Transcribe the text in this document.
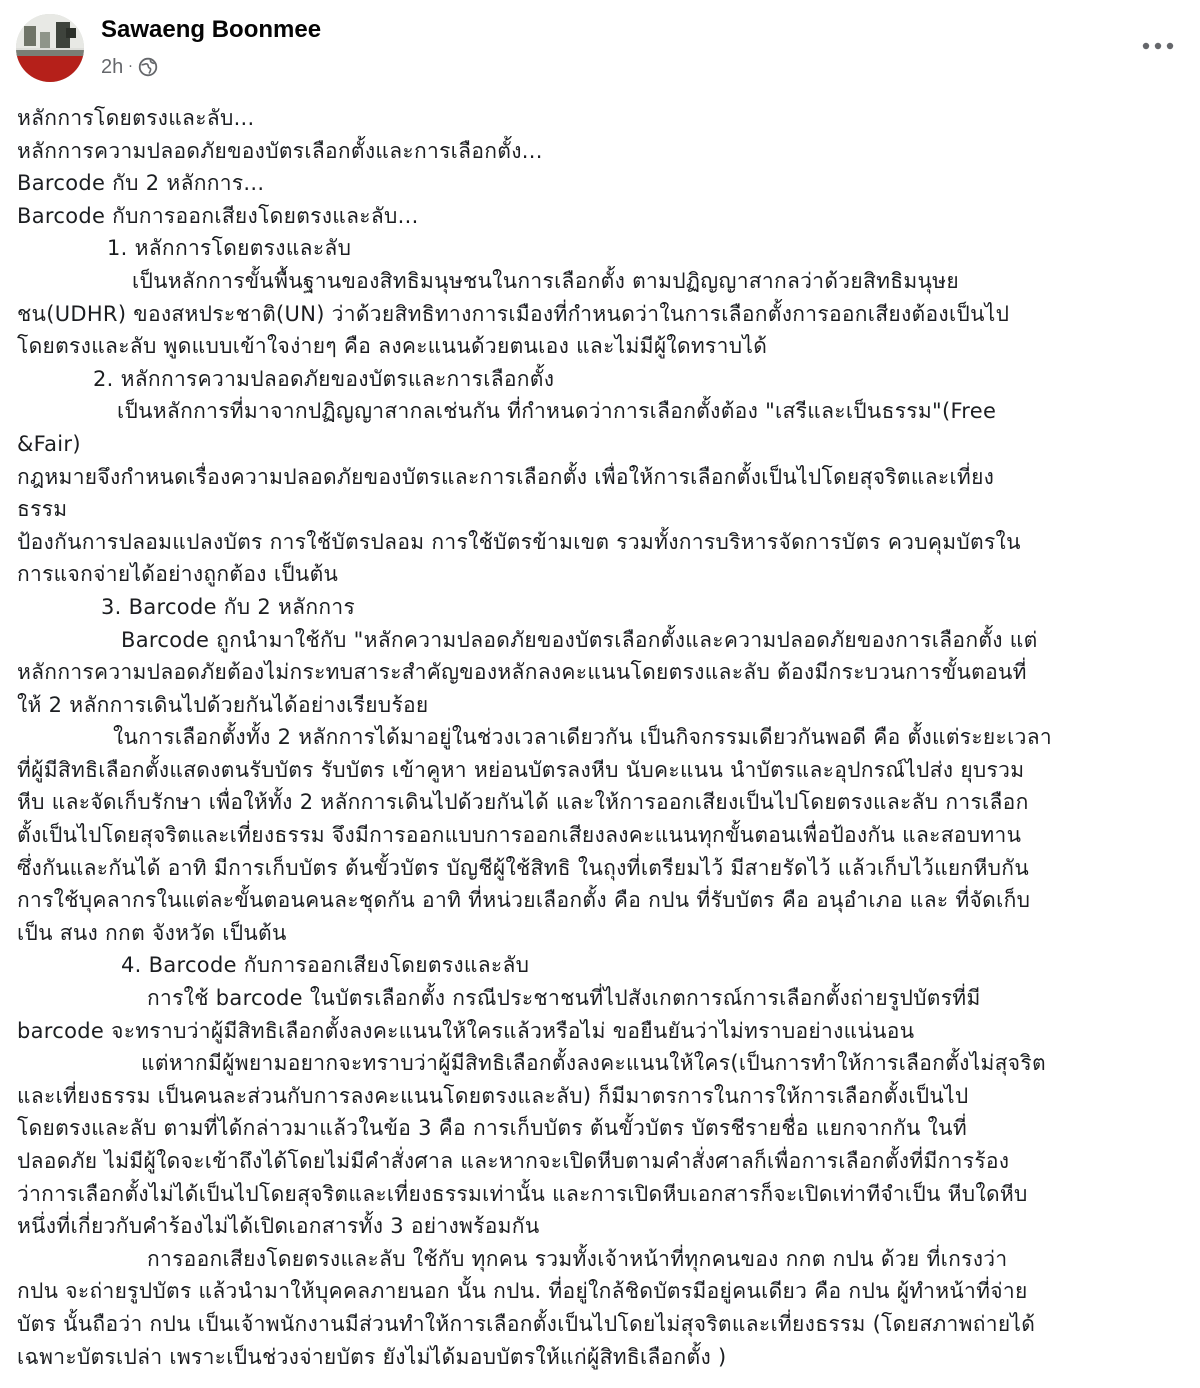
Sawaeng Boonmee
2h ·
หลักการโดยตรงและลับ...
หลักการความปลอดภัยของบัตรเลือกตั้งและการเลือกตั้ง...
Barcode กับ 2 หลักการ...
Barcode กับการออกเสียงโดยตรงและลับ...
1. หลักการโดยตรงและลับ
เป็นหลักการขั้นพื้นฐานของสิทธิมนุษชนในการเลือกตั้ง ตามปฏิญญาสากลว่าด้วยสิทธิมนุษย
ชน(UDHR) ของสหประชาติ(UN) ว่าด้วยสิทธิทางการเมืองที่กำหนดว่าในการเลือกตั้งการออกเสียงต้องเป็นไป
โดยตรงและลับ พูดแบบเข้าใจง่ายๆ คือ ลงคะแนนด้วยตนเอง และไม่มีผู้ใดทราบได้
2. หลักการความปลอดภัยของบัตรและการเลือกตั้ง
เป็นหลักการที่มาจากปฏิญญาสากลเช่นกัน ที่กำหนดว่าการเลือกตั้งต้อง "เสรีและเป็นธรรม"(Free
&Fair)
กฎหมายจึงกำหนดเรื่องความปลอดภัยของบัตรและการเลือกตั้ง เพื่อให้การเลือกตั้งเป็นไปโดยสุจริตและเที่ยง
ธรรม
ป้องกันการปลอมแปลงบัตร การใช้บัตรปลอม การใช้บัตรข้ามเขต รวมทั้งการบริหารจัดการบัตร ควบคุมบัตรใน
การแจกจ่ายได้อย่างถูกต้อง เป็นต้น
3. Barcode กับ 2 หลักการ
Barcode ถูกนำมาใช้กับ "หลักความปลอดภัยของบัตรเลือกตั้งและความปลอดภัยของการเลือกตั้ง แต่
หลักการความปลอดภัยต้องไม่กระทบสาระสำคัญของหลักลงคะแนนโดยตรงและลับ ต้องมีกระบวนการขั้นตอนที่
ให้ 2 หลักการเดินไปด้วยกันได้อย่างเรียบร้อย
ในการเลือกตั้งทั้ง 2 หลักการได้มาอยู่ในช่วงเวลาเดียวกัน เป็นกิจกรรมเดียวกันพอดี คือ ตั้งแต่ระยะเวลา
ที่ผู้มีสิทธิเลือกตั้งแสดงตนรับบัตร รับบัตร เข้าคูหา หย่อนบัตรลงหีบ นับคะแนน นำบัตรและอุปกรณ์ไปส่ง ยุบรวม
หีบ และจัดเก็บรักษา เพื่อให้ทั้ง 2 หลักการเดินไปด้วยกันได้ และให้การออกเสียงเป็นไปโดยตรงและลับ การเลือก
ตั้งเป็นไปโดยสุจริตและเที่ยงธรรม จึงมีการออกแบบการออกเสียงลงคะแนนทุกขั้นตอนเพื่อป้องกัน และสอบทาน
ซึ่งกันและกันได้ อาทิ มีการเก็บบัตร ต้นขั้วบัตร บัญชีผู้ใช้สิทธิ ในถุงที่เตรียมไว้ มีสายรัดไว้ แล้วเก็บไว้แยกหีบกัน
การใช้บุคลากรในแต่ละขั้นตอนคนละชุดกัน อาทิ ที่หน่วยเลือกตั้ง คือ กปน ที่รับบัตร คือ อนุอำเภอ และ ที่จัดเก็บ
เป็น สนง กกต จังหวัด เป็นต้น
4. Barcode กับการออกเสียงโดยตรงและลับ
การใช้ barcode ในบัตรเลือกตั้ง กรณีประชาชนที่ไปสังเกตการณ์การเลือกตั้งถ่ายรูปบัตรที่มี
barcode จะทราบว่าผู้มีสิทธิเลือกตั้งลงคะแนนให้ใครแล้วหรือไม่ ขอยืนยันว่าไม่ทราบอย่างแน่นอน
แต่หากมีผู้พยามอยากจะทราบว่าผู้มีสิทธิเลือกตั้งลงคะแนนให้ใคร(เป็นการทำให้การเลือกตั้งไม่สุจริต
และเที่ยงธรรม เป็นคนละส่วนกับการลงคะแนนโดยตรงและลับ) ก็มีมาตรการในการให้การเลือกตั้งเป็นไป
โดยตรงและลับ ตามที่ได้กล่าวมาแล้วในข้อ 3 คือ การเก็บบัตร ต้นขั้วบัตร บัตรชีรายชื่อ แยกจากกัน ในที่
ปลอดภัย ไม่มีผู้ใดจะเข้าถึงได้โดยไม่มีคำสั่งศาล และหากจะเปิดหีบตามคำสั่งศาลก็เพื่อการเลือกตั้งที่มีการร้อง
ว่าการเลือกตั้งไม่ได้เป็นไปโดยสุจริตและเที่ยงธรรมเท่านั้น และการเปิดหีบเอกสารก็จะเปิดเท่าทีจำเป็น หีบใดหีบ
หนึ่งที่เกี่ยวกับคำร้องไม่ได้เปิดเอกสารทั้ง 3 อย่างพร้อมกัน
การออกเสียงโดยตรงและลับ ใช้กับ ทุกคน รวมทั้งเจ้าหน้าที่ทุกคนของ กกต กปน ด้วย ที่เกรงว่า
กปน จะถ่ายรูปบัตร แล้วนำมาให้บุคคลภายนอก นั้น กปน. ที่อยู่ใกล้ชิดบัตรมีอยู่คนเดียว คือ กปน ผู้ทำหน้าที่จ่าย
บัตร นั้นถือว่า กปน เป็นเจ้าพนักงานมีส่วนทำให้การเลือกตั้งเป็นไปโดยไม่สุจริตและเที่ยงธรรม (โดยสภาพถ่ายได้
เฉพาะบัตรเปล่า เพราะเป็นช่วงจ่ายบัตร ยังไม่ได้มอบบัตรให้แก่ผู้สิทธิเลือกตั้ง )
